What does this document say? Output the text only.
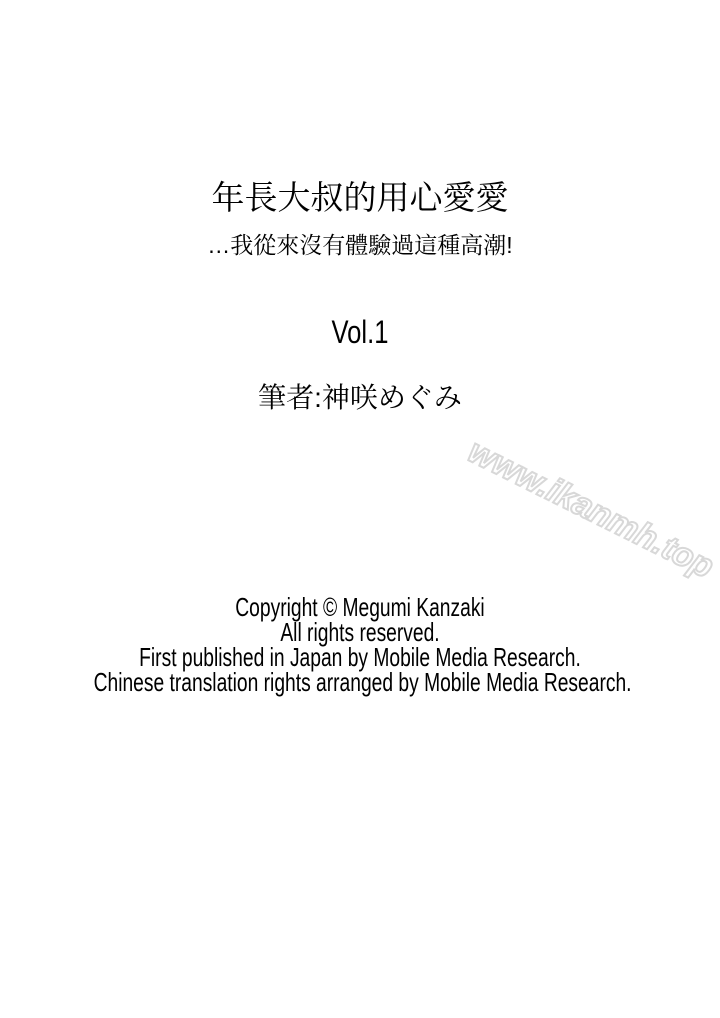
年長大叔的用心愛愛
…我從來沒有體驗過這種高潮!
Vol.1
筆者:神咲めぐみ
www.ikanmh.top
Copyright © Megumi Kanzaki
All rights reserved.
First published in Japan by Mobile Media Research.
Chinese translation rights arranged by Mobile Media Research.
